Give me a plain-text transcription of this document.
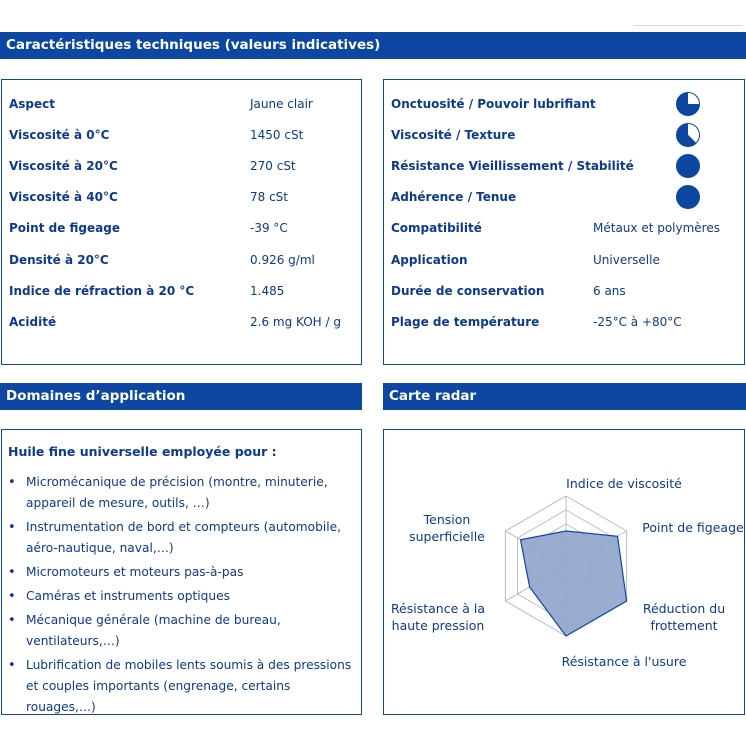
Caractéristiques techniques (valeurs indicatives)
Aspect	Jaune clair
Viscosité à 0°C	1450 cSt
Viscosité à 20°C	270 cSt
Viscosité à 40°C	78 cSt
Point de figeage	-39 °C
Densité à 20°C	0.926 g/ml
Indice de réfraction à 20 °C	1.485
Acidité	2.6 mg KOH / g
Onctuosité / Pouvoir lubrifiant
Viscosité / Texture
Résistance Vieillissement / Stabilité
Adhérence / Tenue
Compatibilité	Métaux et polymères
Application	Universelle
Durée de conservation	6 ans
Plage de température	-25°C à +80°C
Domaines d’application
Huile fine universelle employée pour :
• Micromécanique de précision (montre, minuterie, appareil de mesure, outils, …)
• Instrumentation de bord et compteurs (automobile, aéro-nautique, naval,…)
• Micromoteurs et moteurs pas-à-pas
• Caméras et instruments optiques
• Mécanique générale (machine de bureau, ventilateurs,…)
• Lubrification de mobiles lents soumis à des pressions et couples importants (engrenage, certains rouages,…)
Carte radar
Indice de viscosité
Point de figeage
Réduction du frottement
Résistance à l'usure
Résistance à la haute pression
Tension superficielle
